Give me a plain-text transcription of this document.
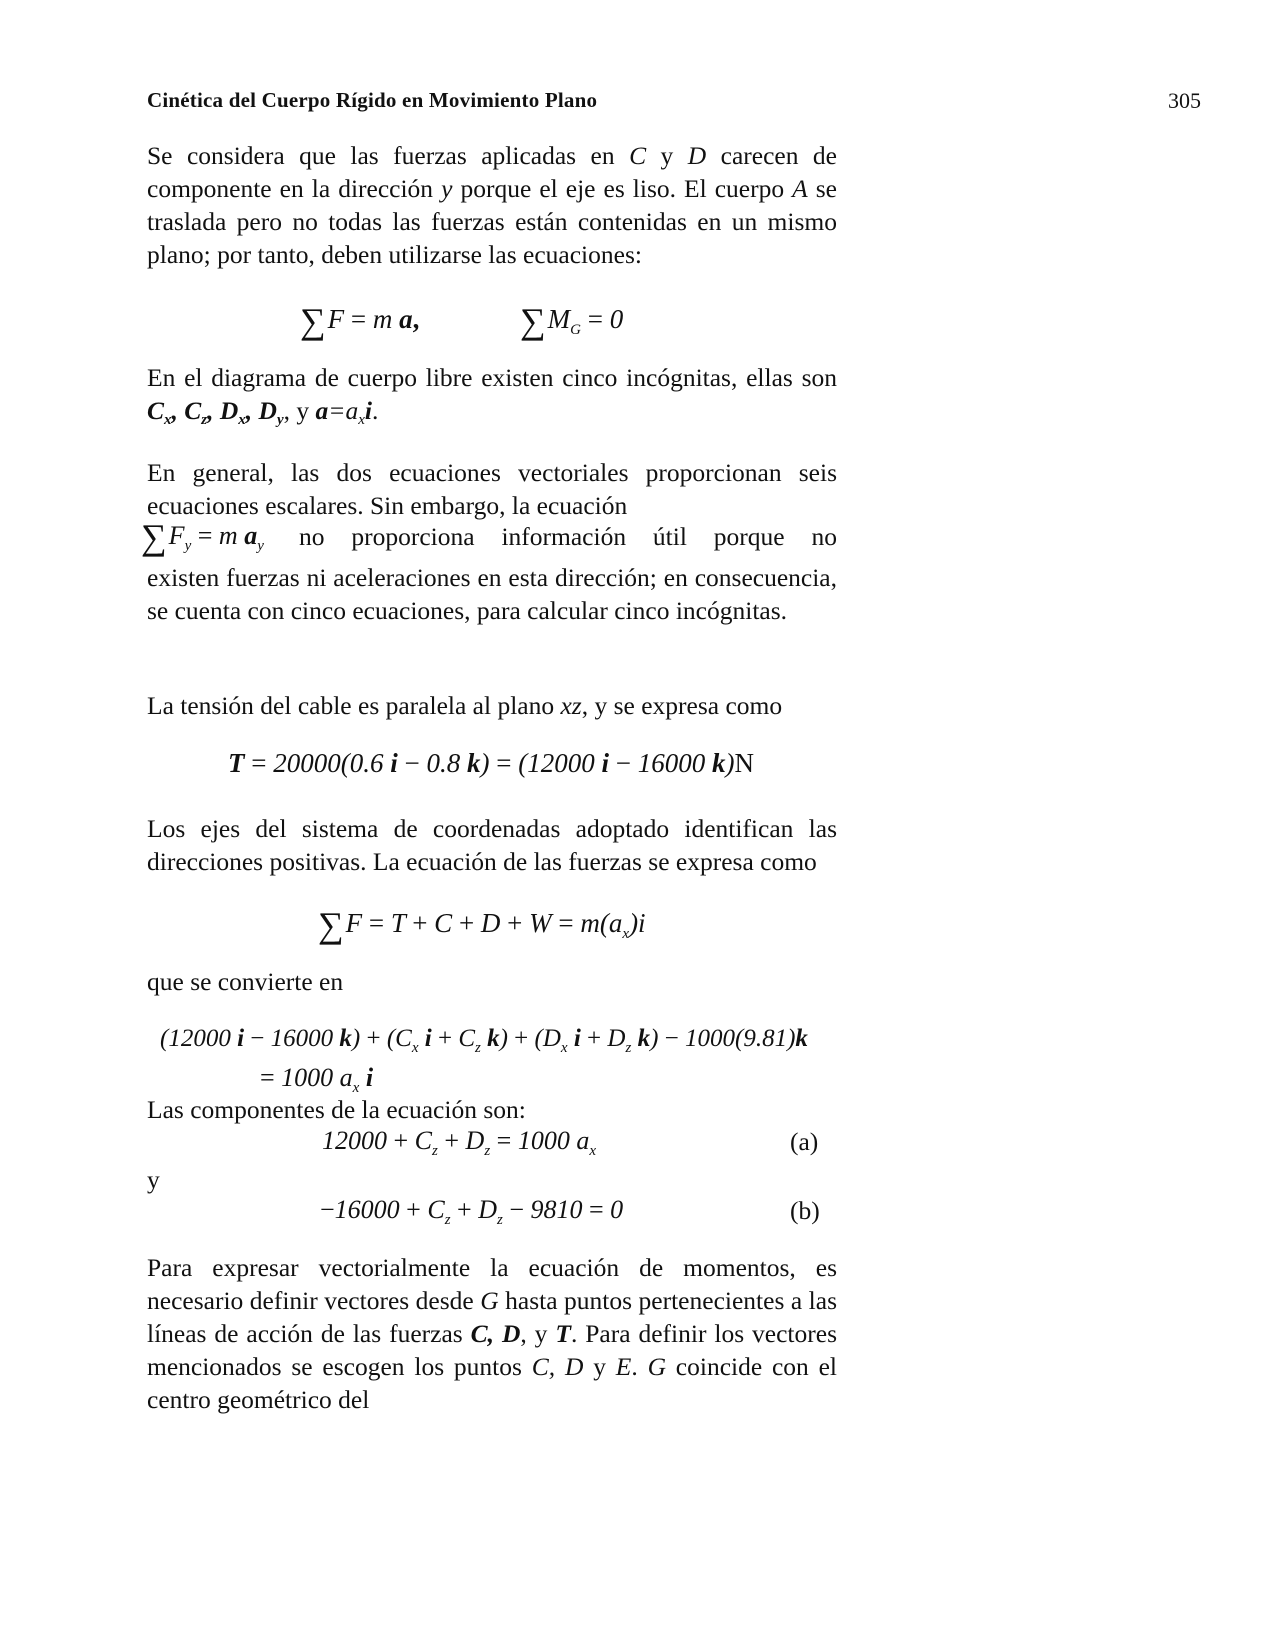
Cinética del Cuerpo Rígido en Movimiento Plano	305
Se considera que las fuerzas aplicadas en C y D carecen de componente en la dirección y porque el eje es liso. El cuerpo A se traslada pero no todas las fuerzas están contenidas en un mismo plano; por tanto, deben utilizarse las ecuaciones:
∑F = m a,	$\sum M_G = 0$
En el diagrama de cuerpo libre existen cinco incógnitas, ellas son $C_x$, $C_z$, $D_x$, $D_y$, y $a=a_xi$.
En general, las dos ecuaciones vectoriales proporcionan seis ecuaciones escalares. Sin embargo, la ecuación
$\sum F_y = m$ $a_y$ no proporciona información útil porque no
existen fuerzas ni aceleraciones en esta dirección; en consecuencia, se cuenta con cinco ecuaciones, para calcular cinco incógnitas.
La tensión del cable es paralela al plano xz, y se expresa como
T = 20000(0.6 i − 0.8 k) = (12000 i − 16000 k)N
Los ejes del sistema de coordenadas adoptado identifican las direcciones positivas. La ecuación de las fuerzas se expresa como
$\sum F = T + C + D + W = m(a_x)i$
que se convierte en
(12000 i − 16000 $k) + (C_x$ $i + C_z$ $k) + (D_x$ $i + D_z$ k) − 1000(9.81)k
= 1000 $a_x$ i
Las componentes de la ecuación son:
$12000 + C_z + D_z = 1000$ $a_x$	(a)
y
$-16000 + C_z + D_z - 9810 = 0$	(b)
Para expresar vectorialmente la ecuación de momentos, es necesario definir vectores desde G hasta puntos pertenecientes a las líneas de acción de las fuerzas C, D, y T. Para definir los vectores mencionados se escogen los puntos C, D y E. G coincide con el centro geométrico del
